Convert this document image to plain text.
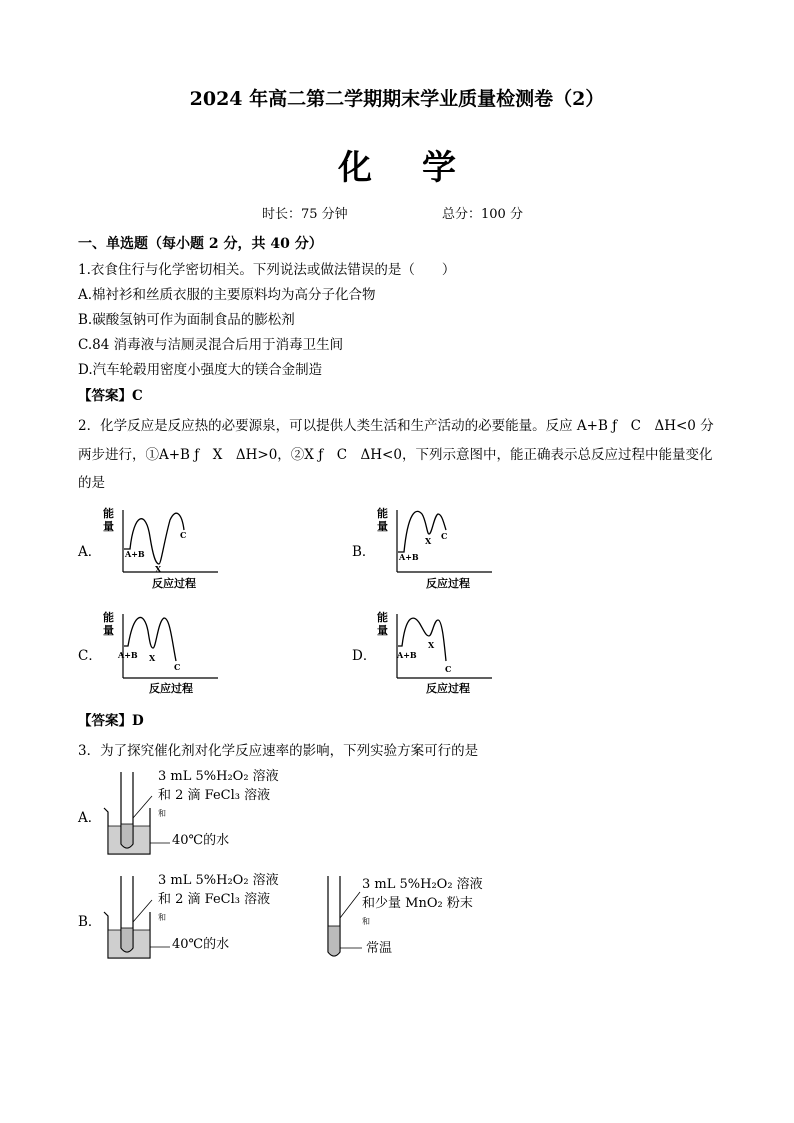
2024 年高二第二学期期末学业质量检测卷（2）
化学
时长：75 分钟	总分：100 分
一、单选题（每小题 2 分，共 40 分）
1.衣食住行与化学密切相关。下列说法或做法错误的是（　　）
A.棉衬衫和丝质衣服的主要原料均为高分子化合物
B.碳酸氢钠可作为面制食品的膨松剂
C.84 消毒液与洁厕灵混合后用于消毒卫生间
D.汽车轮毂用密度小强度大的镁合金制造
【答案】C
2．化学反应是反应热的必要源泉，可以提供人类生活和生产活动的必要能量。反应 A+B ƒ　C　ΔH<0 分
两步进行，①A+B ƒ　X　ΔH>0，②X ƒ　C　ΔH<0，下列示意图中，能正确表示总反应过程中能量变化
的是
A．	B．
C．	D．
能
量
A+B
X
C
反应过程
能
量
A+B
X C
反应过程
能
量
A+B X
C
反应过程
能
量
A+B
X
C
反应过程
【答案】D
3．为了探究催化剂对化学反应速率的影响，下列实验方案可行的是
A．
B．
3 mL 5%H₂O₂ 溶液
和 2 滴 FeCl₃ 溶液
和
40℃的水
3 mL 5%H₂O₂ 溶液
和 2 滴 FeCl₃ 溶液
和
40℃的水
3 mL 5%H₂O₂ 溶液
和少量 MnO₂ 粉末
和
常温
